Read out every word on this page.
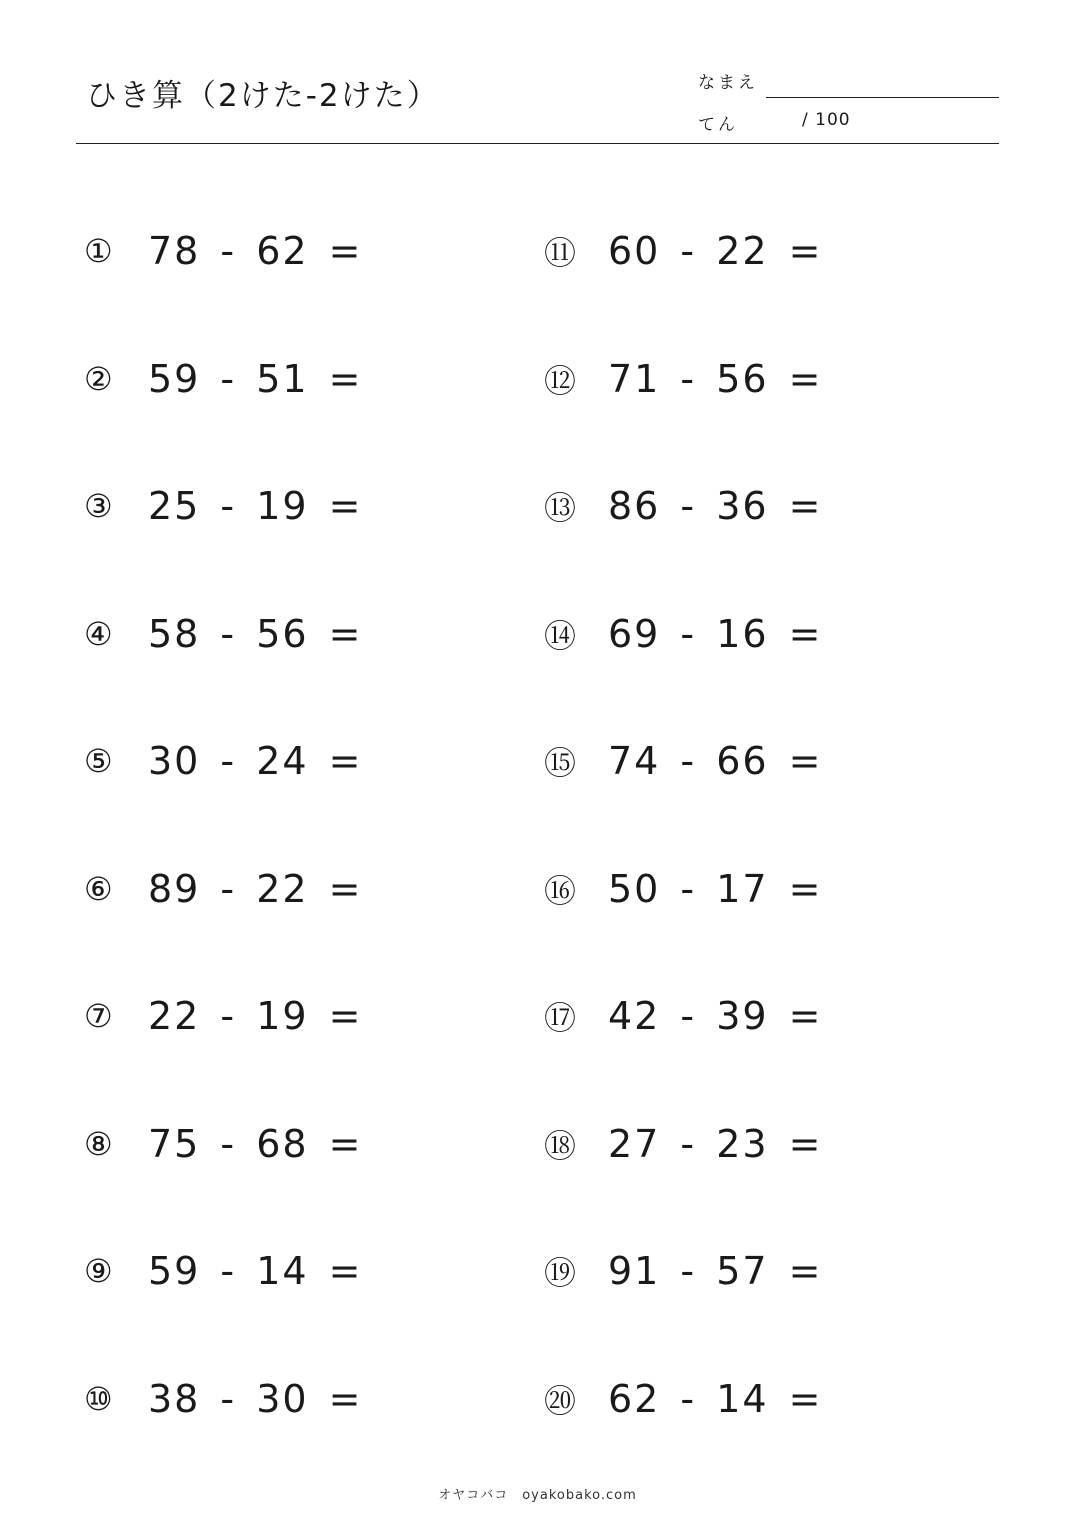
ひき算（2けた-2けた）	なまえ
てん	/ 100
① 78 - 62 =
② 59 - 51 =
③ 25 - 19 =
④ 58 - 56 =
⑤ 30 - 24 =
⑥ 89 - 22 =
⑦ 22 - 19 =
⑧ 75 - 68 =
⑨ 59 - 14 =
⑩ 38 - 30 =
⑪ 60 - 22 =
⑫ 71 - 56 =
⑬ 86 - 36 =
⑭ 69 - 16 =
⑮ 74 - 66 =
⑯ 50 - 17 =
⑰ 42 - 39 =
⑱ 27 - 23 =
⑲ 91 - 57 =
⑳ 62 - 14 =
オヤコバコ　oyakobako.com
